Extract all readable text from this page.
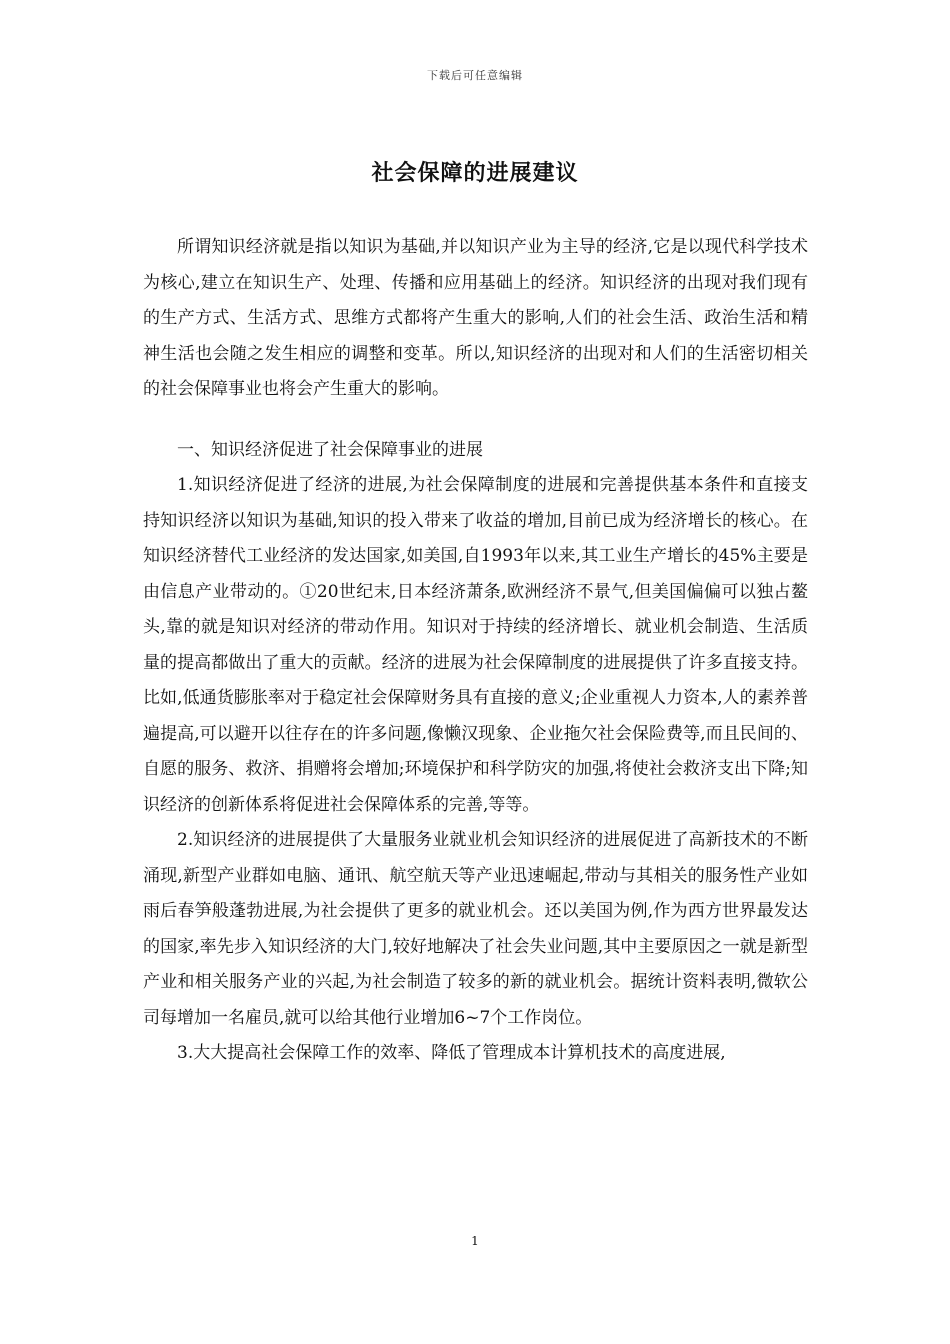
下载后可任意编辑
社会保障的进展建议

所谓知识经济就是指以知识为基础,并以知识产业为主导的经济,它是以现代科学技术为核心,建立在知识生产、处理、传播和应用基础上的经济。知识经济的出现对我们现有的生产方式、生活方式、思维方式都将产生重大的影响,人们的社会生活、政治生活和精神生活也会随之发生相应的调整和变革。所以,知识经济的出现对和人们的生活密切相关的社会保障事业也将会产生重大的影响。

一、知识经济促进了社会保障事业的进展

1.知识经济促进了经济的进展,为社会保障制度的进展和完善提供基本条件和直接支持知识经济以知识为基础,知识的投入带来了收益的增加,目前已成为经济增长的核心。在知识经济替代工业经济的发达国家,如美国,自1993年以来,其工业生产增长的45%主要是由信息产业带动的。①20世纪末,日本经济萧条,欧洲经济不景气,但美国偏偏可以独占鳌头,靠的就是知识对经济的带动作用。知识对于持续的经济增长、就业机会制造、生活质量的提高都做出了重大的贡献。经济的进展为社会保障制度的进展提供了许多直接支持。比如,低通货膨胀率对于稳定社会保障财务具有直接的意义;企业重视人力资本,人的素养普遍提高,可以避开以往存在的许多问题,像懒汉现象、企业拖欠社会保险费等,而且民间的、自愿的服务、救济、捐赠将会增加;环境保护和科学防灾的加强,将使社会救济支出下降;知识经济的创新体系将促进社会保障体系的完善,等等。

2.知识经济的进展提供了大量服务业就业机会知识经济的进展促进了高新技术的不断涌现,新型产业群如电脑、通讯、航空航天等产业迅速崛起,带动与其相关的服务性产业如雨后春笋般蓬勃进展,为社会提供了更多的就业机会。还以美国为例,作为西方世界最发达的国家,率先步入知识经济的大门,较好地解决了社会失业问题,其中主要原因之一就是新型产业和相关服务产业的兴起,为社会制造了较多的新的就业机会。据统计资料表明,微软公司每增加一名雇员,就可以给其他行业增加6~7个工作岗位。

3.大大提高社会保障工作的效率、降低了管理成本计算机技术的高度进展,

1
